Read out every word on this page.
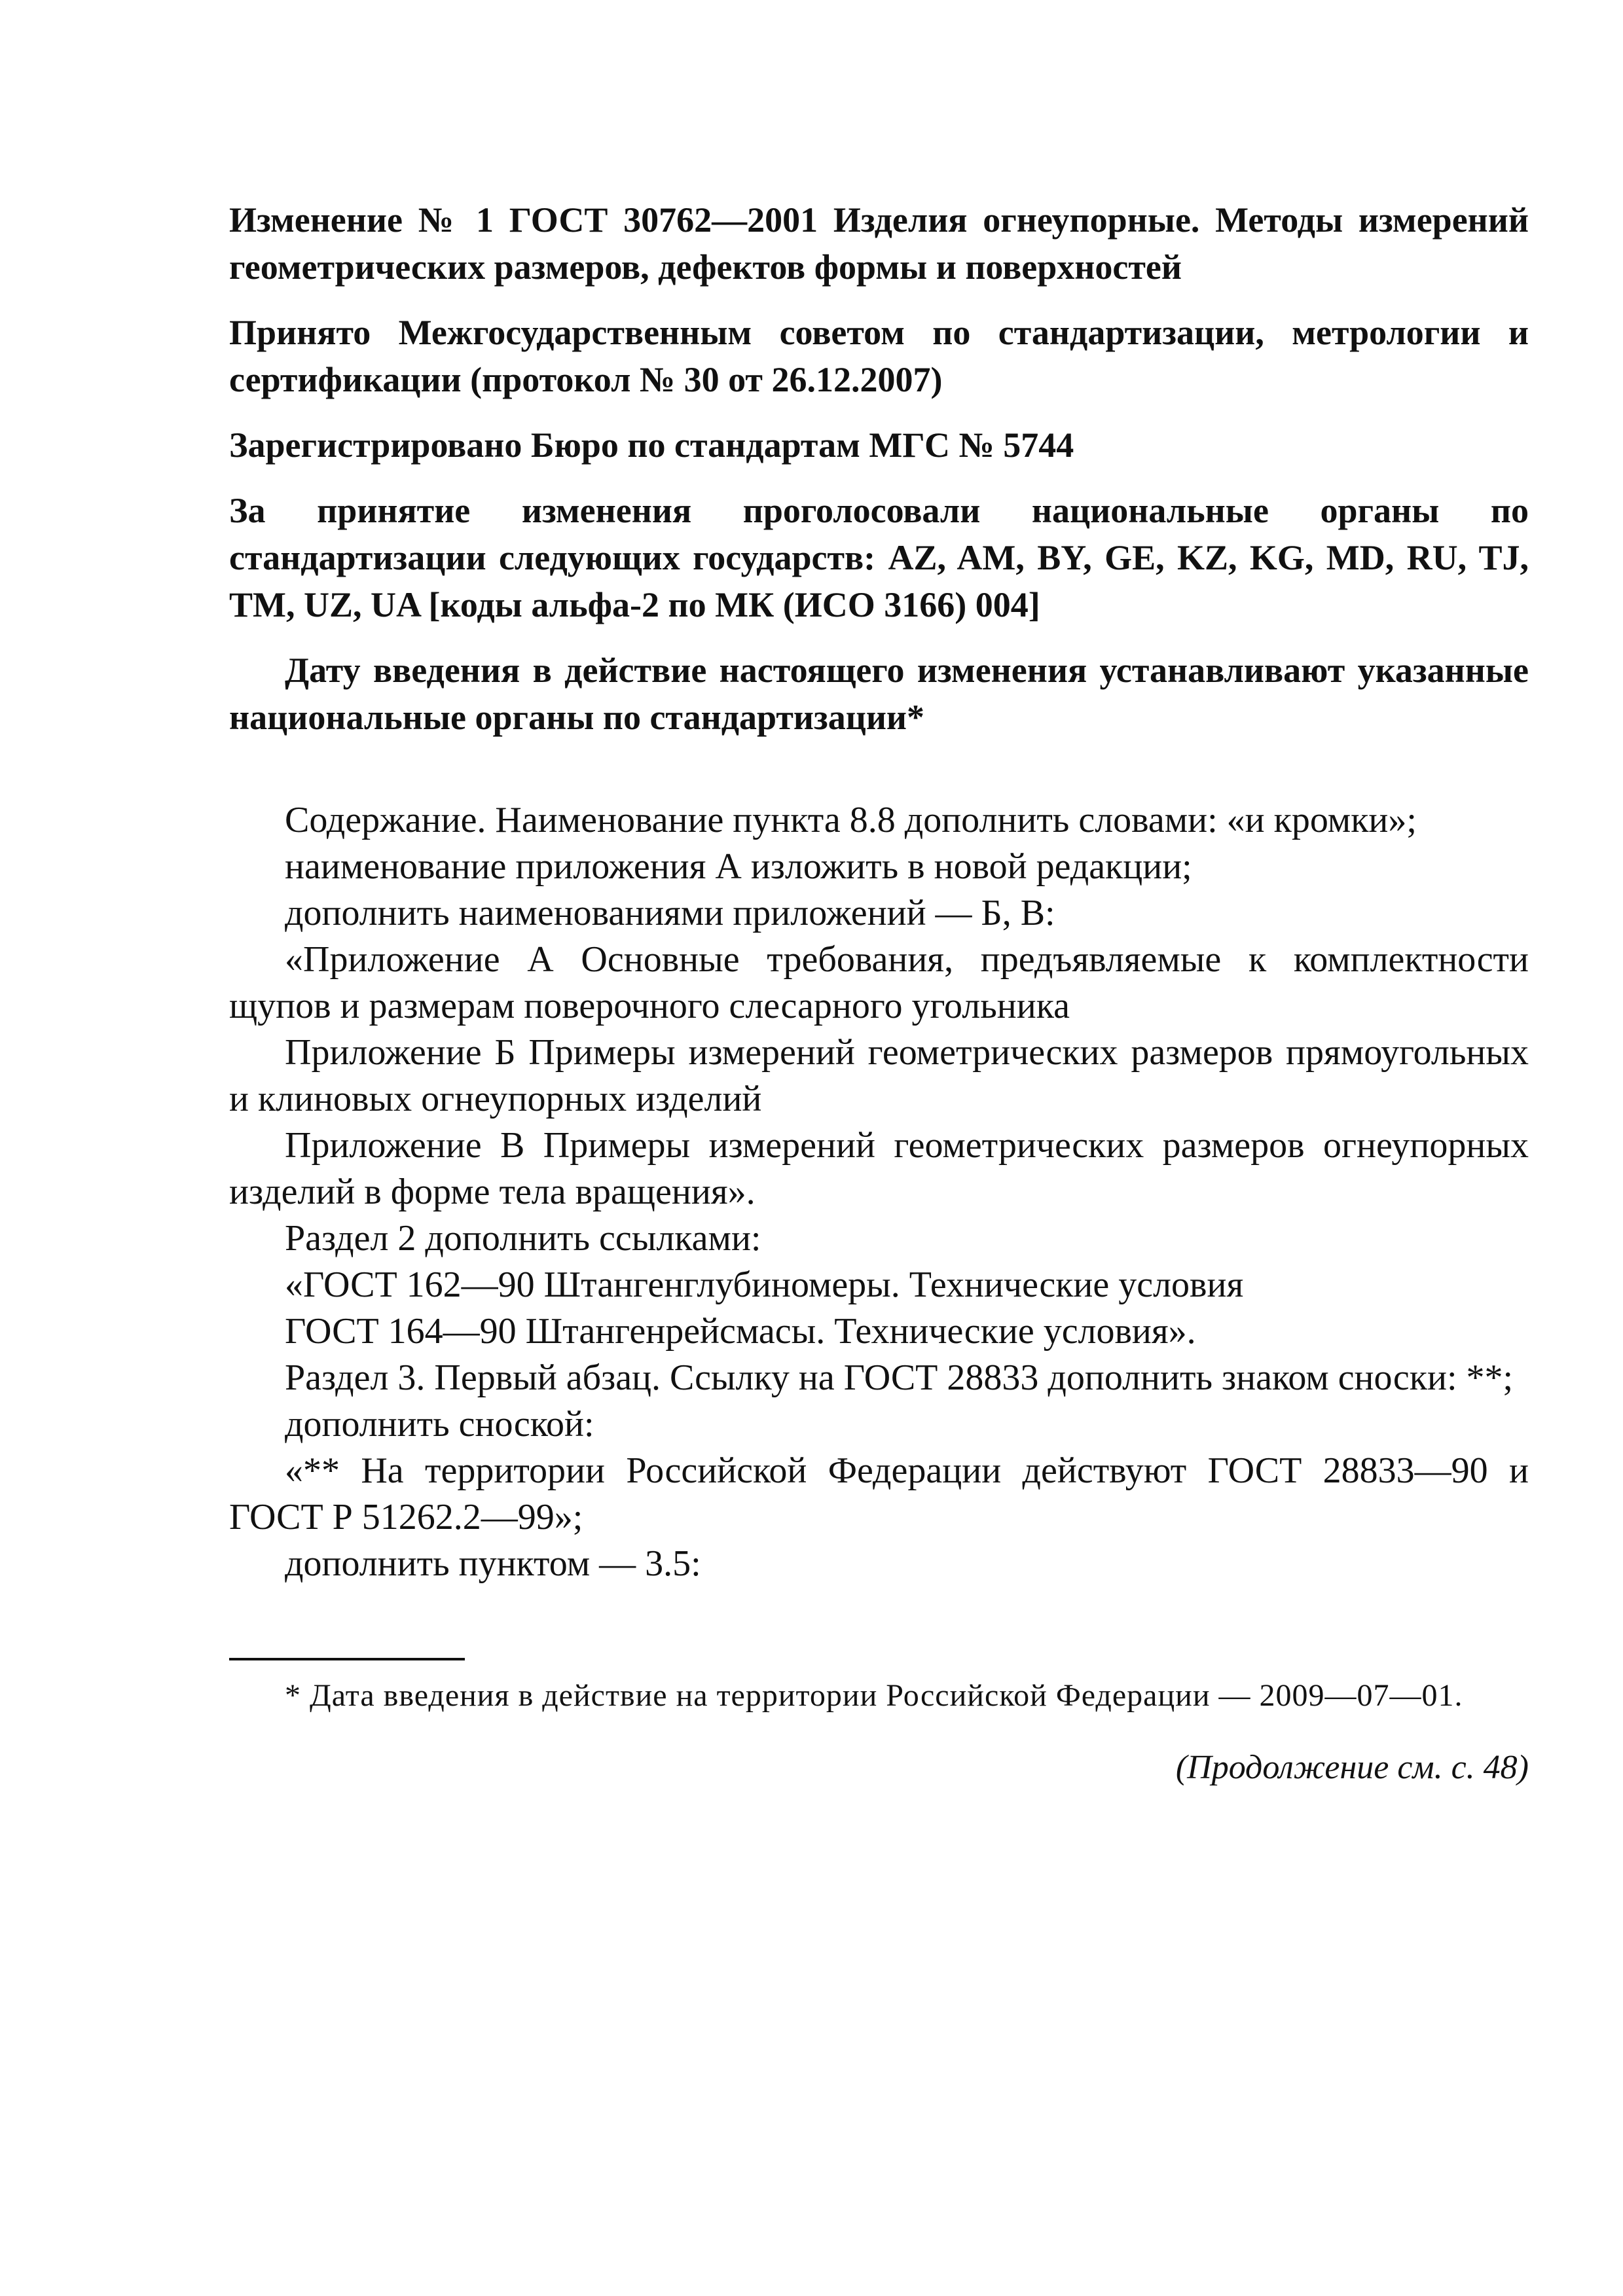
Изменение № 1 ГОСТ 30762—2001 Изделия огнеупорные. Методы измерений геометрических размеров, дефектов формы и поверхностей

Принято Межгосударственным советом по стандартизации, метрологии и сертификации (протокол № 30 от 26.12.2007)

Зарегистрировано Бюро по стандартам МГС № 5744

За принятие изменения проголосовали национальные органы по стандартизации следующих государств: AZ, AM, BY, GE, KZ, KG, MD, RU, TJ, TM, UZ, UA [коды альфа-2 по МК (ИСО 3166) 004]

Дату введения в действие настоящего изменения устанавливают указанные национальные органы по стандартизации*

Содержание. Наименование пункта 8.8 дополнить словами: «и кромки»;

наименование приложения А изложить в новой редакции;

дополнить наименованиями приложений — Б, В:

«Приложение А Основные требования, предъявляемые к комплектности щупов и размерам поверочного слесарного угольника

Приложение Б Примеры измерений геометрических размеров прямоугольных и клиновых огнеупорных изделий

Приложение В Примеры измерений геометрических размеров огнеупорных изделий в форме тела вращения».

Раздел 2 дополнить ссылками:

«ГОСТ 162—90 Штангенглубиномеры. Технические условия

ГОСТ 164—90 Штангенрейсмасы. Технические условия».

Раздел 3. Первый абзац. Ссылку на ГОСТ 28833 дополнить знаком сноски: **;

дополнить сноской:

«** На территории Российской Федерации действуют ГОСТ 28833—90 и ГОСТ Р 51262.2—99»;

дополнить пунктом — 3.5:

* Дата введения в действие на территории Российской Федерации — 2009—07—01.

(Продолжение см. с. 48)
